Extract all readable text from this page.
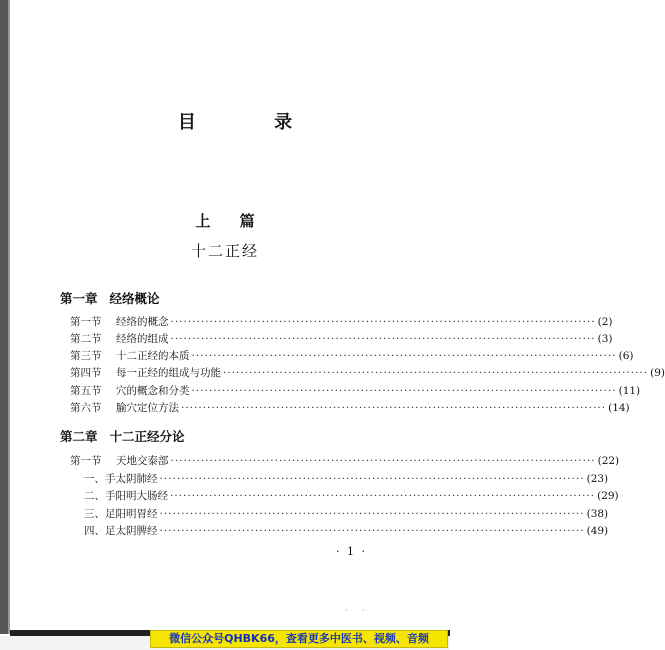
目 录
上 篇
十二正经
第一章 经络概论
第一节	经络的概念 ·································································································· (2)
第二节	经络的组成 ·································································································· (3)
第三节	十二正经的本质 ·································································································· (6)
第四节	每一正经的组成与功能 ·································································································· (9)
第五节	穴的概念和分类 ·································································································· (11)
第六节	腧穴定位方法 ·································································································· (14)
第二章 十二正经分论
第一节	天地交泰部 ·································································································· (22)
一、手太阴肺经 ·································································································· (23)
二、手阳明大肠经 ·································································································· (29)
三、足阳明胃经 ·································································································· (38)
四、足太阴脾经 ·································································································· (49)
· 1 ·
· ·
微信公众号QHBK66，查看更多中医书、视频、音频
